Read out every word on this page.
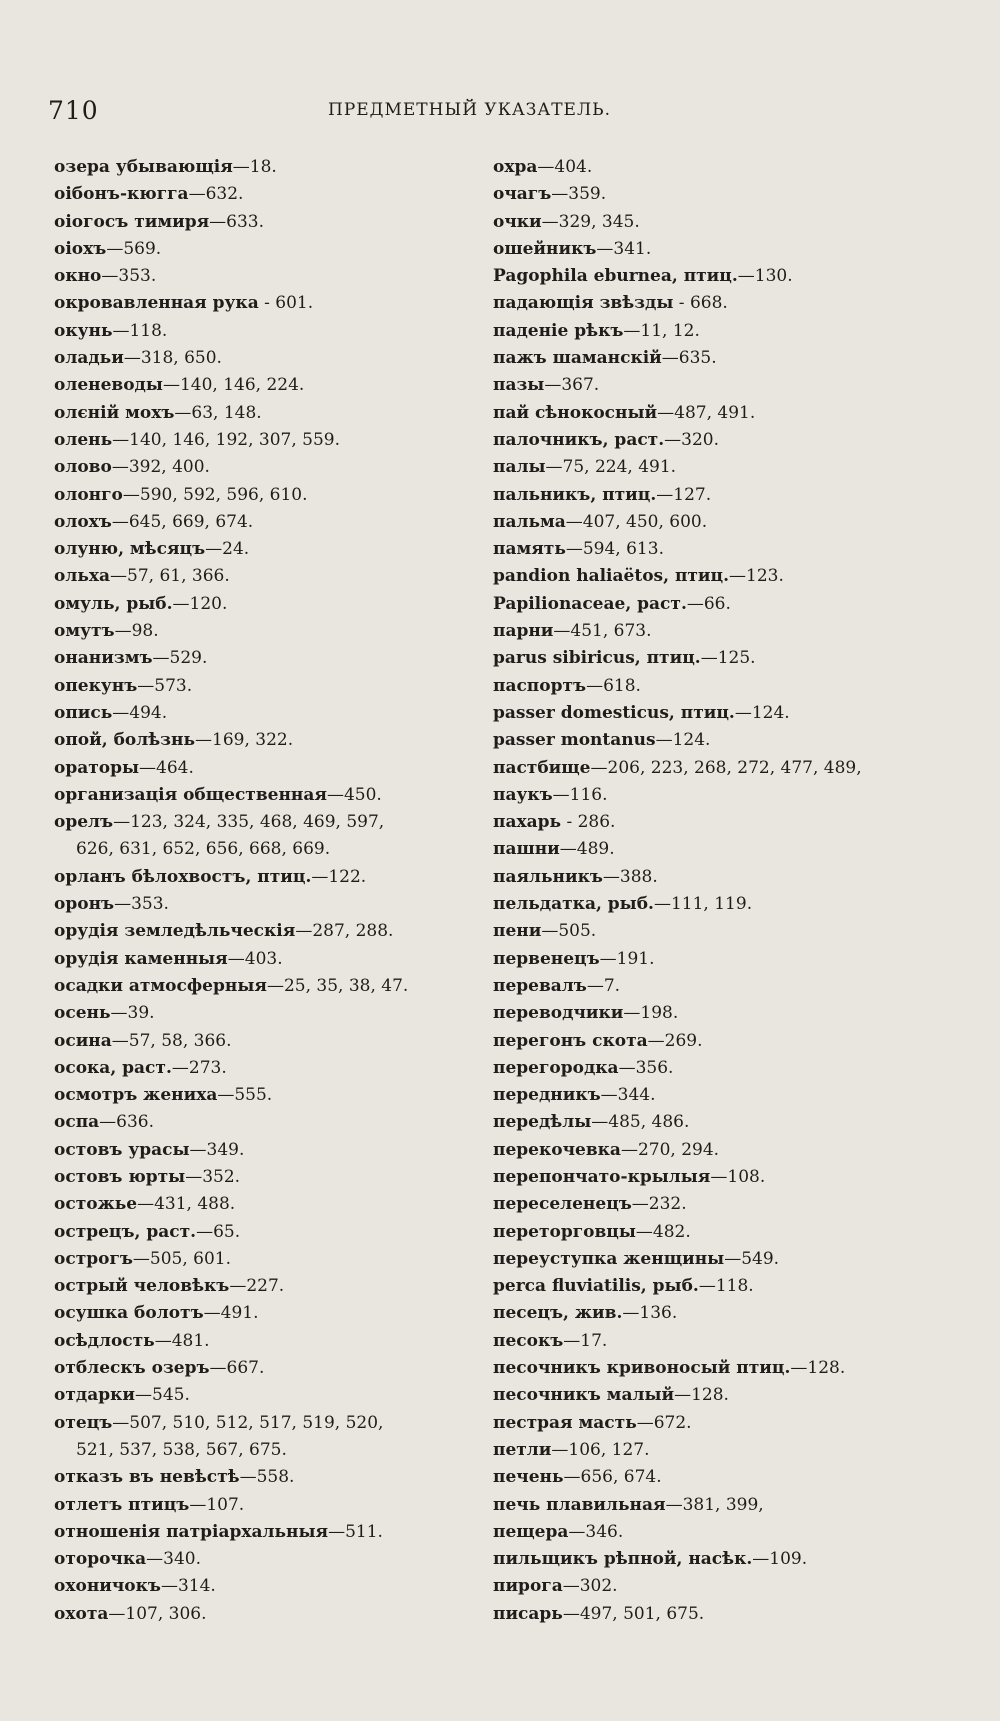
710	ПРЕДМЕТНЫЙ УКАЗАТЕЛЬ.
озера убывающія—18.
оібонъ-кюгга—632.
оіогосъ тимиря—633.
оіохъ—569.
окно—353.
окровавленная рука - 601.
окунь—118.
оладьи—318, 650.
оленеводы—140, 146, 224.
олєній мохъ—63, 148.
олень—140, 146, 192, 307, 559.
олово—392, 400.
олонго—590, 592, 596, 610.
олохъ—645, 669, 674.
олуню, мѣсяцъ—24.
ольха—57, 61, 366.
омуль, рыб.—120.
омутъ—98.
онанизмъ—529.
опекунъ—573.
опись—494.
опой, болѣзнь—169, 322.
ораторы—464.
организація общественная—450.
орелъ—123, 324, 335, 468, 469, 597,
626, 631, 652, 656, 668, 669.
орланъ бѣлохвостъ, птиц.—122.
оронъ—353.
орудія земледѣльческія—287, 288.
орудія каменныя—403.
осадки атмосферныя—25, 35, 38, 47.
осень—39.
осина—57, 58, 366.
осока, раст.—273.
осмотръ жениха—555.
оспа—636.
остовъ урасы—349.
остовъ юрты—352.
остожье—431, 488.
острецъ, раст.—65.
острогъ—505, 601.
острый человѣкъ—227.
осушка болотъ—491.
осѣдлость—481.
отблескъ озеръ—667.
отдарки—545.
отецъ—507, 510, 512, 517, 519, 520,
521, 537, 538, 567, 675.
отказъ въ невѣстѣ—558.
отлетъ птицъ—107.
отношенія патріархальныя—511.
оторочка—340.
охоничокъ—314.
охота—107, 306.
охра—404.
очагъ—359.
очки—329, 345.
ошейникъ—341.
Pagophila eburnea, птиц.—130.
падающія звѣзды - 668.
паденіе рѣкъ—11, 12.
пажъ шаманскій—635.
пазы—367.
пай сѣнокосный—487, 491.
палочникъ, раст.—320.
палы—75, 224, 491.
пальникъ, птиц.—127.
пальма—407, 450, 600.
память—594, 613.
pandion haliaëtos, птиц.—123.
Papilionaceae, раст.—66.
парни—451, 673.
parus sibiricus, птиц.—125.
паспортъ—618.
passer domesticus, птиц.—124.
passer montanus—124.
пастбище—206, 223, 268, 272, 477, 489,
паукъ—116.
пахарь - 286.
пашни—489.
паяльникъ—388.
пельдатка, рыб.—111, 119.
пени—505.
первенецъ—191.
перевалъ—7.
переводчики—198.
перегонъ скота—269.
перегородка—356.
передникъ—344.
передѣлы—485, 486.
перекочевка—270, 294.
перепончато-крылыя—108.
переселенецъ—232.
переторговцы—482.
переуступка женщины—549.
perca fluviatilis, рыб.—118.
песецъ, жив.—136.
песокъ—17.
песочникъ кривоносый птиц.—128.
песочникъ малый—128.
пестрая масть—672.
петли—106, 127.
печень—656, 674.
печь плавильная—381, 399,
пещера—346.
пильщикъ рѣпной, насѣк.—109.
пирога—302.
писарь—497, 501, 675.
